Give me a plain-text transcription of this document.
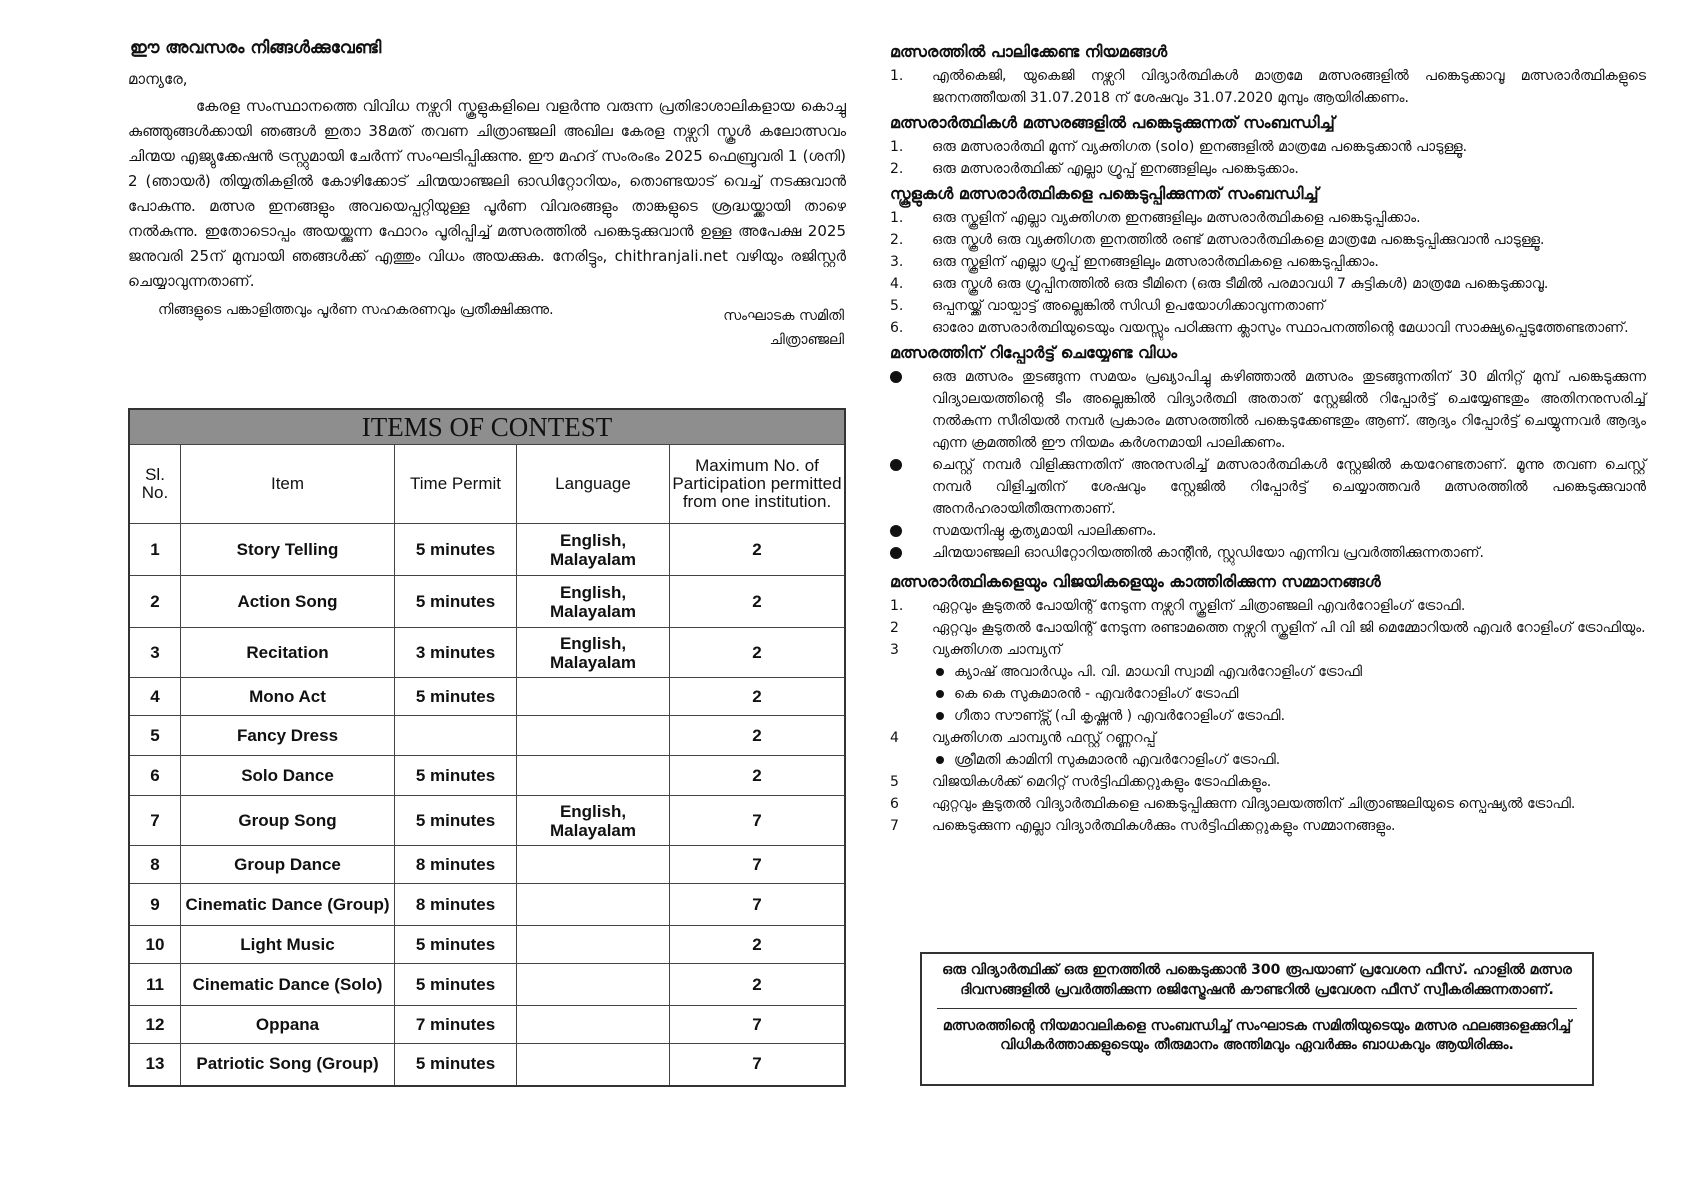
ഈ അവസരം നിങ്ങൾക്കുവേണ്ടി
മാന്യരേ,

കേരള സംസ്ഥാനത്തെ വിവിധ നഴ്സറി സ്കൂളുകളിലെ വളർന്നു വരുന്ന പ്രതിഭാശാലികളായ കൊച്ചു കുഞ്ഞുങ്ങൾക്കായി ഞങ്ങൾ ഇതാ 38മത് തവണ ചിത്രാഞ്ജലി അഖില കേരള നഴ്സറി സ്കൂൾ കലോത്സവം ചിന്മയ എജ്യുക്കേഷൻ ട്രസ്റ്റുമായി ചേർന്ന് സംഘടിപ്പിക്കുന്നു. ഈ മഹദ് സംരംഭം 2025 ഫെബ്രുവരി 1 (ശനി) 2 (ഞായർ) തിയ്യതികളിൽ കോഴിക്കോട് ചിന്മയാഞ്ജലി ഓഡിറ്റോറിയം, തൊണ്ടയാട് വെച്ച് നടക്കുവാൻ പോകുന്നു. മത്സര ഇനങ്ങളും അവയെപ്പറ്റിയുള്ള പൂർണ വിവരങ്ങളും താങ്കളുടെ ശ്രദ്ധയ്ക്കായി താഴെ നൽകുന്നു. ഇതോടൊപ്പം അയയ്ക്കുന്ന ഫോറം പൂരിപ്പിച്ച് മത്സരത്തിൽ പങ്കെടുക്കുവാൻ ഉള്ള അപേക്ഷ 2025 ജനുവരി 25ന് മുമ്പായി ഞങ്ങൾക്ക് എത്തും വിധം അയക്കുക. നേരിട്ടും, chithranjali.net വഴിയും രജിസ്റ്റർ ചെയ്യാവുന്നതാണ്.

നിങ്ങളുടെ പങ്കാളിത്തവും പൂർണ സഹകരണവും പ്രതീക്ഷിക്കുന്നു.	സംഘാടക സമിതി
ചിത്രാഞ്ജലി
ITEMS OF CONTEST				
Sl. No.	Item	Time Permit	Language	Maximum No. of Participation permitted from one institution.
1	Story Telling	5 minutes	English, Malayalam	2
2	Action Song	5 minutes	English, Malayalam	2
3	Recitation	3 minutes	English, Malayalam	2
4	Mono Act	5 minutes		2
5	Fancy Dress			2
6	Solo Dance	5 minutes		2
7	Group Song	5 minutes	English, Malayalam	7
8	Group Dance	8 minutes		7
9	Cinematic Dance (Group)	8 minutes		7
10	Light Music	5 minutes		2
11	Cinematic Dance (Solo)	5 minutes		2
12	Oppana	7 minutes		7
13	Patriotic Song (Group)	5 minutes		7
മത്സരത്തിൽ പാലിക്കേണ്ട നിയമങ്ങൾ
1. എൽകെജി, യുകെജി നഴ്സറി വിദ്യാർത്ഥികൾ മാത്രമേ മത്സരങ്ങളിൽ പങ്കെടുക്കാവൂ മത്സരാർത്ഥികളുടെ ജനനത്തീയതി 31.07.2018 ന് ശേഷവും 31.07.2020 മുമ്പും ആയിരിക്കണം.
മത്സരാർത്ഥികൾ മത്സരങ്ങളിൽ പങ്കെടുക്കുന്നത് സംബന്ധിച്ച്
1. ഒരു മത്സരാർത്ഥി മൂന്ന് വ്യക്തിഗത (solo) ഇനങ്ങളിൽ മാത്രമേ പങ്കെടുക്കാൻ പാടുള്ളൂ.
2. ഒരു മത്സരാർത്ഥിക്ക് എല്ലാ ഗ്രൂപ്പ് ഇനങ്ങളിലും പങ്കെടുക്കാം.
സ്കൂളുകൾ മത്സരാർത്ഥികളെ പങ്കെടുപ്പിക്കുന്നത് സംബന്ധിച്ച്
1. ഒരു സ്കൂളിന് എല്ലാ വ്യക്തിഗത ഇനങ്ങളിലും മത്സരാർത്ഥികളെ പങ്കെടുപ്പിക്കാം.
2. ഒരു സ്കൂൾ ഒരു വ്യക്തിഗത ഇനത്തിൽ രണ്ട് മത്സരാർത്ഥികളെ മാത്രമേ പങ്കെടുപ്പിക്കുവാൻ പാടുള്ളൂ.
3. ഒരു സ്കൂളിന് എല്ലാ ഗ്രൂപ്പ് ഇനങ്ങളിലും മത്സരാർത്ഥികളെ പങ്കെടുപ്പിക്കാം.
4. ഒരു സ്കൂൾ ഒരു ഗ്രൂപ്പിനത്തിൽ ഒരു ടീമിനെ (ഒരു ടീമിൽ പരമാവധി 7 കുട്ടികൾ) മാത്രമേ പങ്കെടുക്കാവൂ.
5. ഒപ്പനയ്ക്ക് വായ്പാട്ട് അല്ലെങ്കിൽ സിഡി ഉപയോഗിക്കാവുന്നതാണ്
6. ഓരോ മത്സരാർത്ഥിയുടെയും വയസ്സും പഠിക്കുന്ന ക്ലാസും സ്ഥാപനത്തിന്റെ മേധാവി സാക്ഷ്യപ്പെടുത്തേണ്ടതാണ്.
മത്സരത്തിന് റിപ്പോർട്ട് ചെയ്യേണ്ട വിധം
ഒരു മത്സരം തുടങ്ങുന്ന സമയം പ്രഖ്യാപിച്ചു കഴിഞ്ഞാൽ മത്സരം തുടങ്ങുന്നതിന് 30 മിനിറ്റ് മുമ്പ് പങ്കെടുക്കുന്ന വിദ്യാലയത്തിന്റെ ടീം അല്ലെങ്കിൽ വിദ്യാർത്ഥി അതാത് സ്റ്റേജിൽ റിപ്പോർട്ട് ചെയ്യേണ്ടതും അതിനനുസരിച്ച് നൽകുന്ന സീരിയൽ നമ്പർ പ്രകാരം മത്സരത്തിൽ പങ്കെടുക്കേണ്ടതും ആണ്. ആദ്യം റിപ്പോർട്ട് ചെയ്യുന്നവർ ആദ്യം എന്ന ക്രമത്തിൽ ഈ നിയമം കർശനമായി പാലിക്കണം.
ചെസ്റ്റ് നമ്പർ വിളിക്കുന്നതിന് അനുസരിച്ച് മത്സരാർത്ഥികൾ സ്റ്റേജിൽ കയറേണ്ടതാണ്. മൂന്നു തവണ ചെസ്റ്റ് നമ്പർ വിളിച്ചതിന് ശേഷവും സ്റ്റേജിൽ റിപ്പോർട്ട് ചെയ്യാത്തവർ മത്സരത്തിൽ പങ്കെടുക്കുവാൻ അനർഹരായിതീരുന്നതാണ്.
സമയനിഷ്ഠ കൃത്യമായി പാലിക്കണം.
ചിന്മയാഞ്ജലി ഓഡിറ്റോറിയത്തിൽ കാന്റീൻ, സ്റ്റുഡിയോ എന്നിവ പ്രവർത്തിക്കുന്നതാണ്.
മത്സരാർത്ഥികളെയും വിജയികളെയും കാത്തിരിക്കുന്ന സമ്മാനങ്ങൾ
1. ഏറ്റവും കൂടുതൽ പോയിന്റ് നേടുന്ന നഴ്സറി സ്കൂളിന് ചിത്രാഞ്ജലി എവർറോളിംഗ് ട്രോഫി.
2 ഏറ്റവും കൂടുതൽ പോയിന്റ് നേടുന്ന രണ്ടാമത്തെ നഴ്സറി സ്കൂളിന് പി വി ജി മെമ്മോറിയൽ എവർ റോളിംഗ് ട്രോഫിയും.
3 വ്യക്തിഗത ചാമ്പ്യന്
ക്യാഷ് അവാർഡും പി. വി. മാധവി സ്വാമി എവർറോളിംഗ് ട്രോഫി
കെ കെ സുകുമാരൻ - എവർറോളിംഗ് ട്രോഫി
ഗീതാ സൗണ്ട്സ് (പി കൃഷ്ണൻ ) എവർറോളിംഗ് ട്രോഫി.
4 വ്യക്തിഗത ചാമ്പ്യൻ ഫസ്റ്റ് റണ്ണറപ്പ്
ശ്രീമതി കാമിനി സുകുമാരൻ എവർറോളിംഗ് ട്രോഫി.
5 വിജയികൾക്ക് മെറിറ്റ് സർട്ടിഫിക്കറ്റുകളും ട്രോഫികളും.
6 ഏറ്റവും കൂടുതൽ വിദ്യാർത്ഥികളെ പങ്കെടുപ്പിക്കുന്ന വിദ്യാലയത്തിന് ചിത്രാഞ്ജലിയുടെ സ്പെഷ്യൽ ട്രോഫി.
7 പങ്കെടുക്കുന്ന എല്ലാ വിദ്യാർത്ഥികൾക്കും സർട്ടിഫിക്കറ്റുകളും സമ്മാനങ്ങളും.
ഒരു വിദ്യാർത്ഥിക്ക് ഒരു ഇനത്തിൽ പങ്കെടുക്കാൻ 300 രൂപയാണ് പ്രവേശന ഫീസ്. ഹാളിൽ മത്സര ദിവസങ്ങളിൽ പ്രവർത്തിക്കുന്ന രജിസ്ട്രേഷൻ കൗണ്ടറിൽ പ്രവേശന ഫീസ് സ്വീകരിക്കുന്നതാണ്.
മത്സരത്തിന്റെ നിയമാവലികളെ സംബന്ധിച്ച് സംഘാടക സമിതിയുടെയും മത്സര ഫലങ്ങളെക്കുറിച്ച് വിധികർത്താക്കളുടെയും തീരുമാനം അന്തിമവും ഏവർക്കും ബാധകവും ആയിരിക്കും.
